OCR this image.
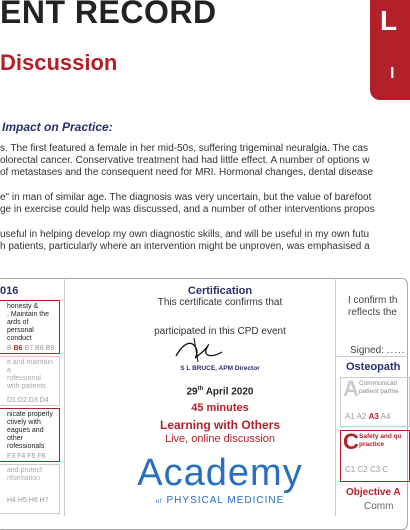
ENT RECORD
Discussion
L
I
Impact on Practice:
s. The first featured a female in her mid-50s, suffering trigeminal neuralgia. The cas
olorectal cancer. Conservative treatment had had little effect. A number of options w
of metastases and the consequent need for MRI. Hormonal changes, dental disease
e" in man of similar age. The diagnosis was very uncertain, but the value of barefoot
ge in exercise could help was discussed, and a number of other interventions propos
useful in helping develop my own diagnostic skills, and will be useful in my own futu
h patients, particularly where an intervention might be unproven, was emphasised a
016
honesty &
. Maintain the
ards of
personal conduct
B B6 B7 B8 B9
e and maintain a
rofessional
with patients
D1 D2 D3 D4
nicate properly
ctively with
eagues and other
rofessionals
F3 F4 F5 F6
and protect
nformation
H4 H5 H6 H7
Certification
This certificate confirms that
participated in this CPD event
S L BRUCE, APM Director
29th April 2020
45 minutes
Learning with Others
Live, online discussion
Academy
of PHYSICAL MEDICINE
I confirm th
reflects the
Signed: .....
Osteopath
A Communicati
patient partne
A1 A2 A3 A4
C Safety and qu
practice
C1 C2 C3 C
Objective A
Comm
